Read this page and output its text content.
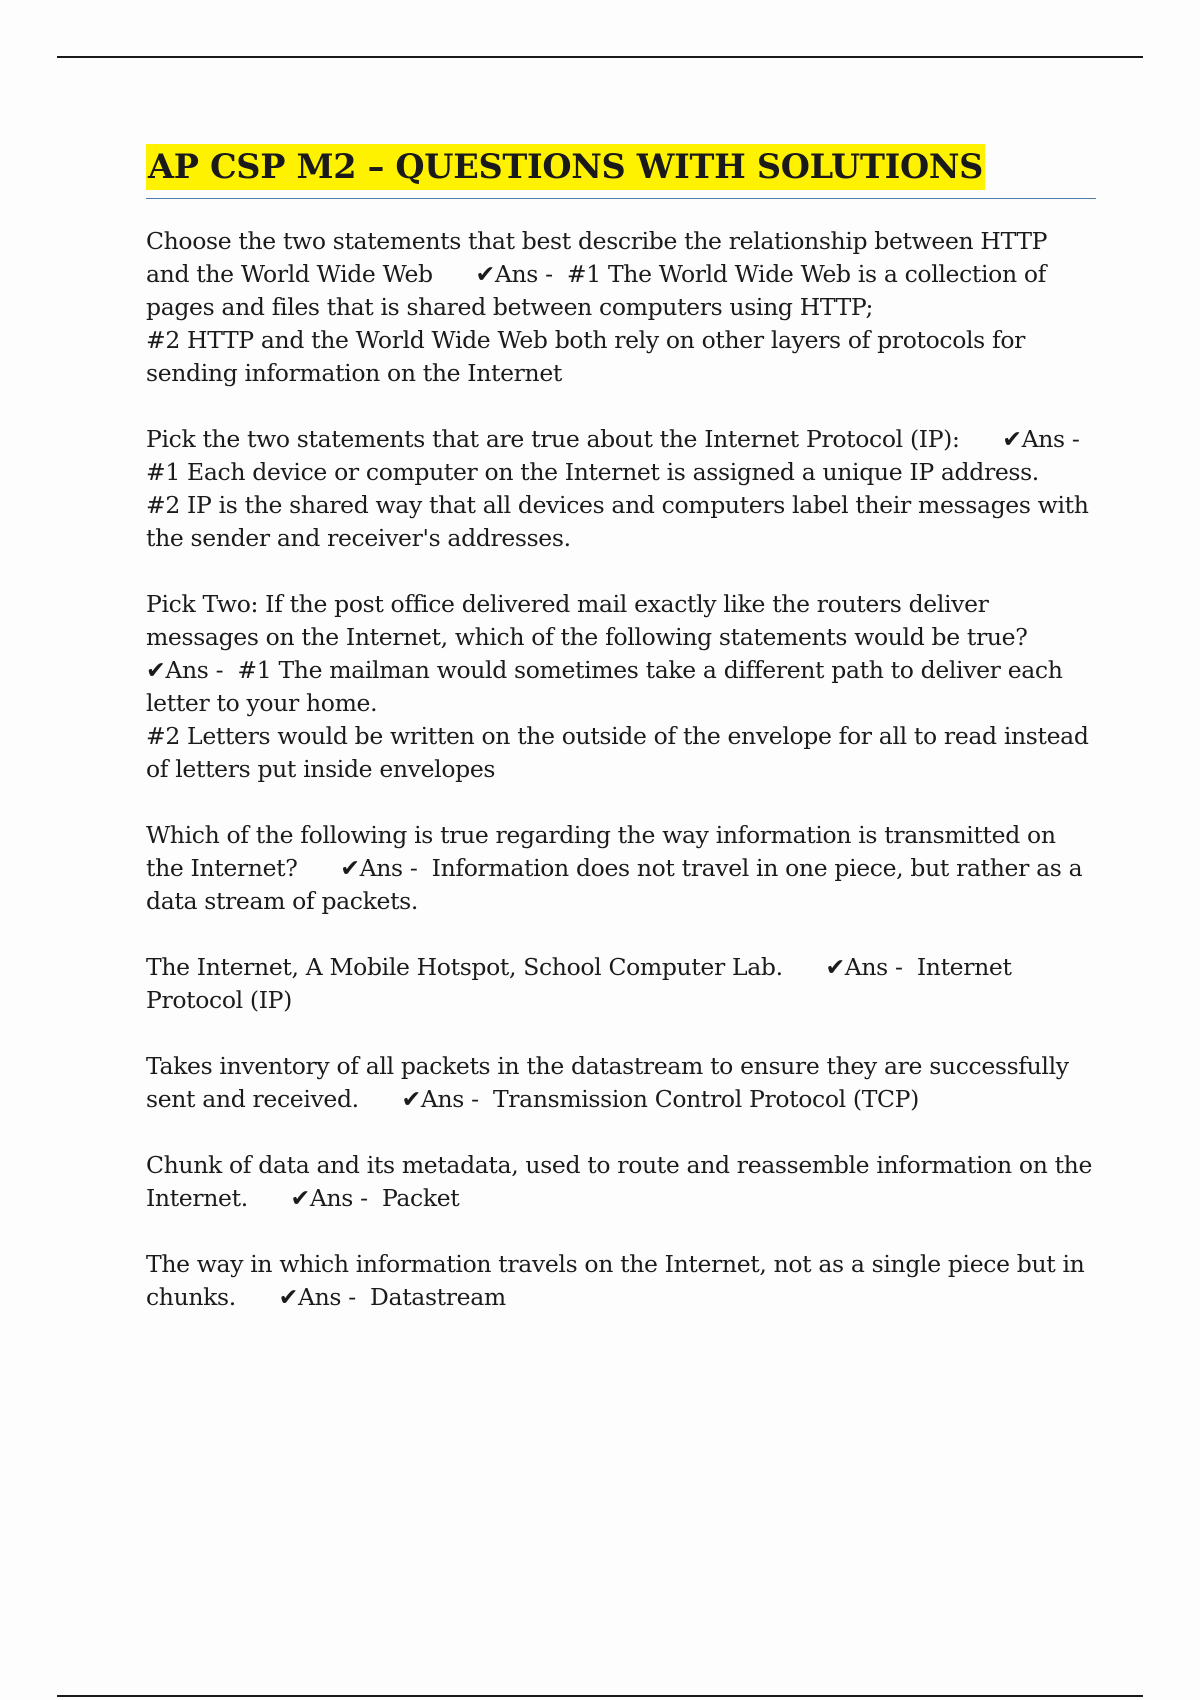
AP CSP M2 – QUESTIONS WITH SOLUTIONS

Choose the two statements that best describe the relationship between HTTP and the World Wide Web ✔Ans -  #1 The World Wide Web is a collection of pages and files that is shared between computers using HTTP;
#2 HTTP and the World Wide Web both rely on other layers of protocols for sending information on the Internet

Pick the two statements that are true about the Internet Protocol (IP): ✔Ans -  #1 Each device or computer on the Internet is assigned a unique IP address.
#2 IP is the shared way that all devices and computers label their messages with the sender and receiver's addresses.

Pick Two: If the post office delivered mail exactly like the routers deliver messages on the Internet, which of the following statements would be true?      ✔Ans -  #1 The mailman would sometimes take a different path to deliver each letter to your home.
#2 Letters would be written on the outside of the envelope for all to read instead of letters put inside envelopes

Which of the following is true regarding the way information is transmitted on the Internet? ✔Ans -  Information does not travel in one piece, but rather as a data stream of packets.

The Internet, A Mobile Hotspot, School Computer Lab. ✔Ans -  Internet Protocol (IP)

Takes inventory of all packets in the datastream to ensure they are successfully sent and received. ✔Ans -  Transmission Control Protocol (TCP)

Chunk of data and its metadata, used to route and reassemble information on the Internet. ✔Ans -  Packet

The way in which information travels on the Internet, not as a single piece but in chunks. ✔Ans -  Datastream
